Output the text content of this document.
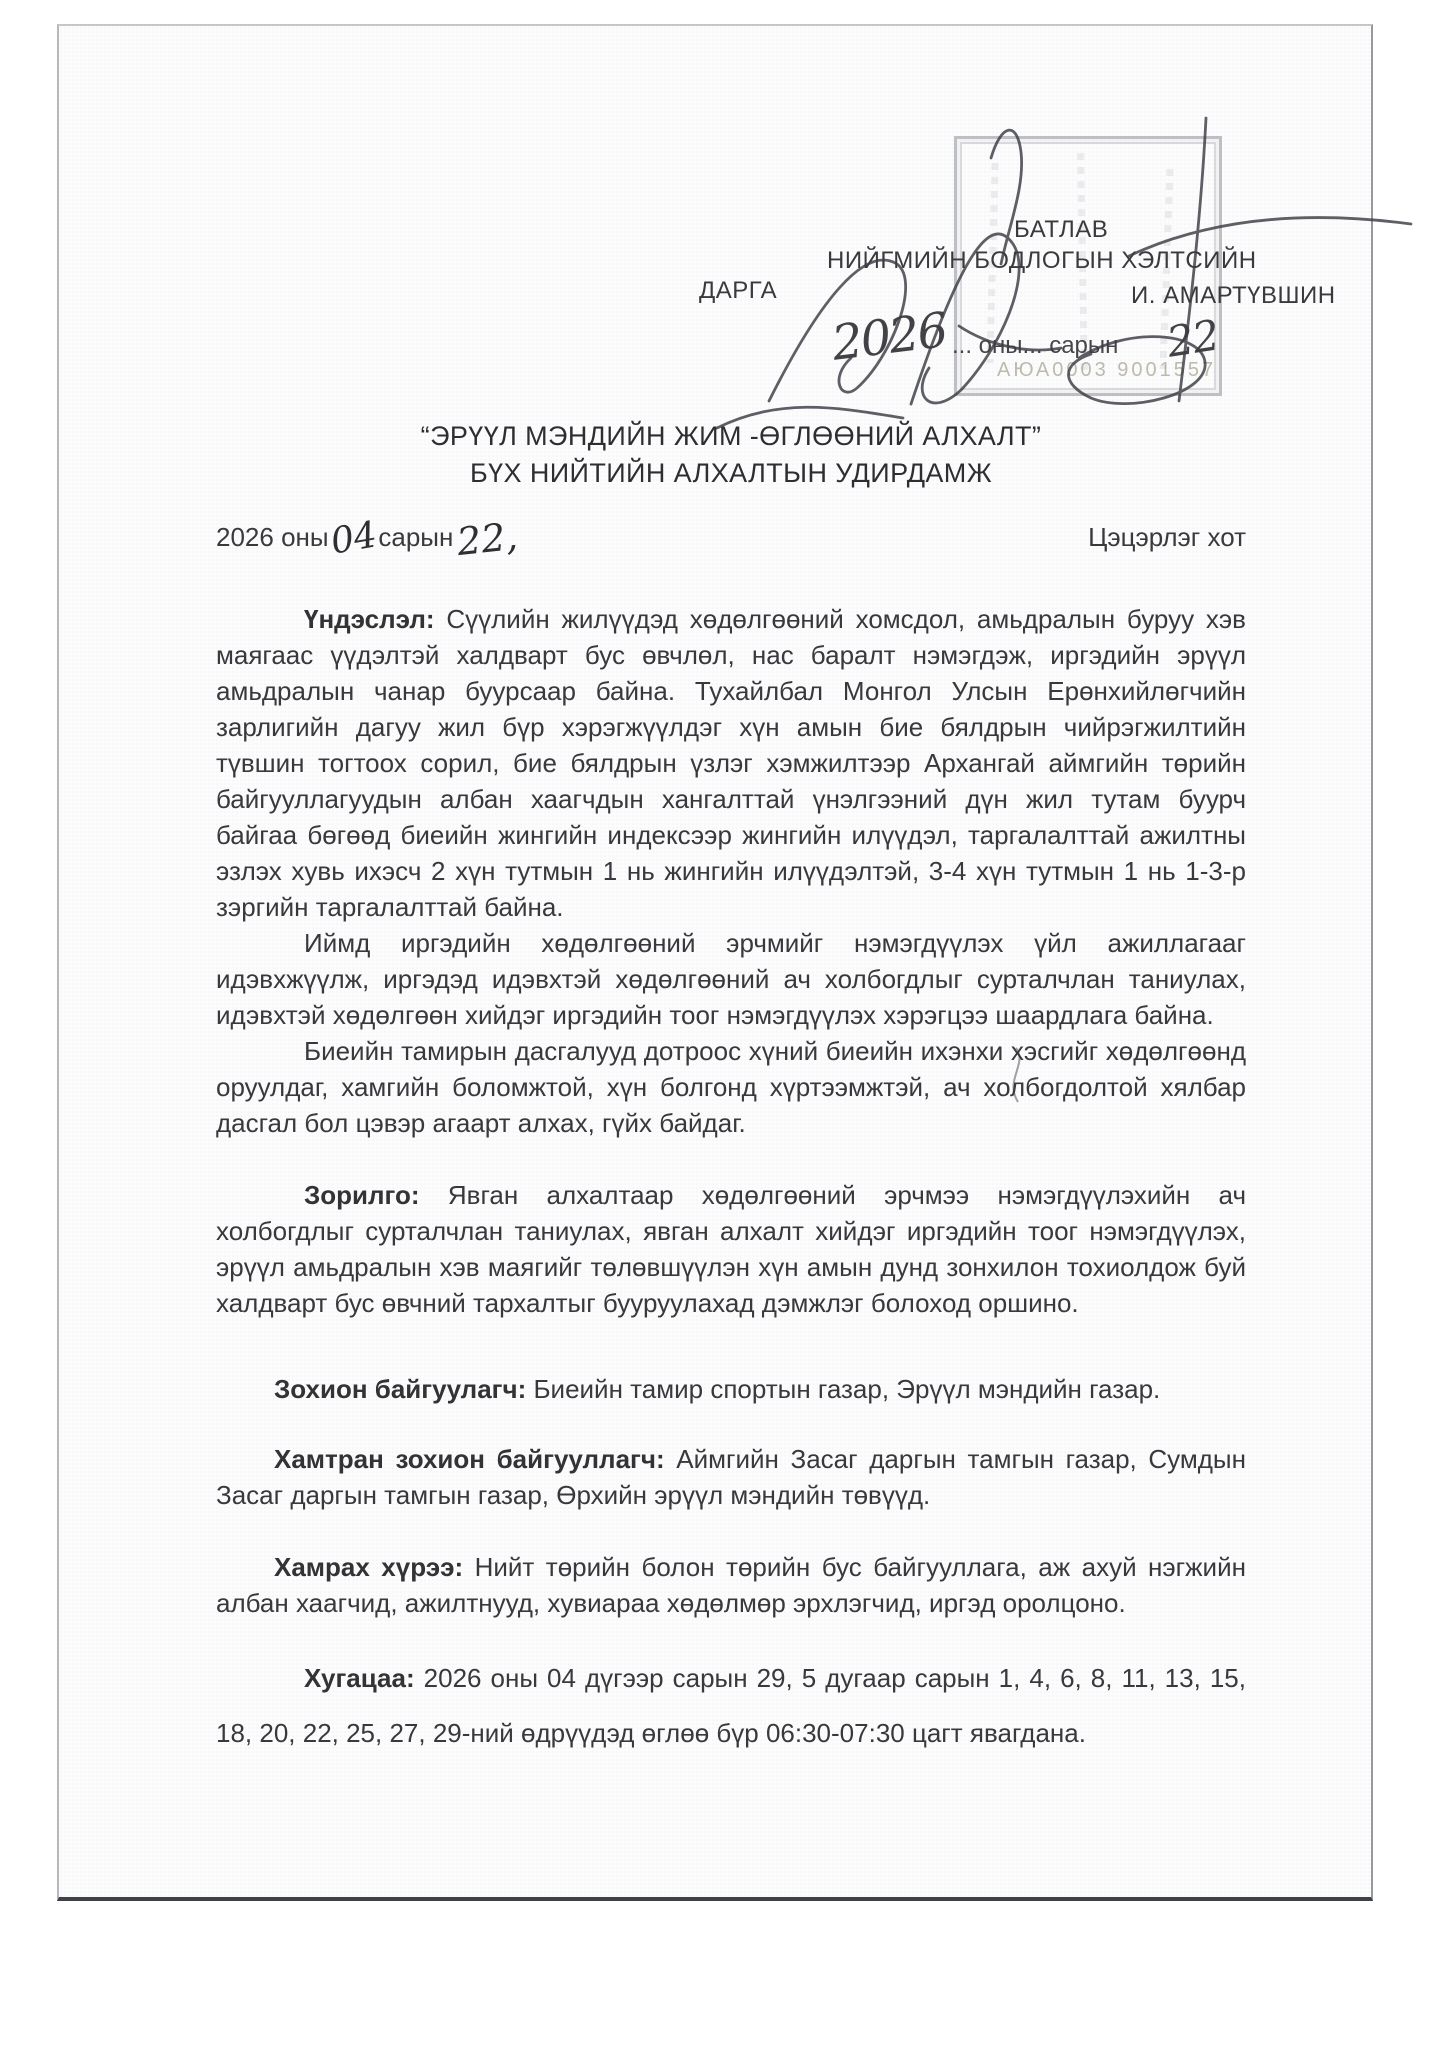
АЮА0003 9001557
БАТЛАВ
НИЙГМИЙН БОДЛОГЫН ХЭЛТСИЙН
ДАРГА	И. АМАРТҮВШИН
2026 ... оны... сарын 22
“ЭРҮҮЛ МЭНДИЙН ЖИМ -ӨГЛӨӨНИЙ АЛХАЛТ”
БҮХ НИЙТИЙН АЛХАЛТЫН УДИРДАМЖ
2026 оны04сарын22,	Цэцэрлэг хот

Үндэслэл: Сүүлийн жилүүдэд хөдөлгөөний хомсдол, амьдралын буруу хэв маягаас үүдэлтэй халдварт бус өвчлөл, нас баралт нэмэгдэж, иргэдийн эрүүл амьдралын чанар буурсаар байна. Тухайлбал Монгол Улсын Ерөнхийлөгчийн зарлигийн дагуу жил бүр хэрэгжүүлдэг хүн амын бие бялдрын чийрэгжилтийн түвшин тогтоох сорил, бие бялдрын үзлэг хэмжилтээр Архангай аймгийн төрийн байгууллагуудын албан хаагчдын хангалттай үнэлгээний дүн жил тутам буурч байгаа бөгөөд биеийн жингийн индексээр жингийн илүүдэл, таргалалттай ажилтны эзлэх хувь ихэсч 2 хүн тутмын 1 нь жингийн илүүдэлтэй, 3-4 хүн тутмын 1 нь 1-3-р зэргийн таргалалттай байна.

Иймд иргэдийн хөдөлгөөний эрчмийг нэмэгдүүлэх үйл ажиллагааг идэвхжүүлж, иргэдэд идэвхтэй хөдөлгөөний ач холбогдлыг сурталчлан таниулах, идэвхтэй хөдөлгөөн хийдэг иргэдийн тоог нэмэгдүүлэх хэрэгцээ шаардлага байна.

Биеийн тамирын дасгалууд дотроос хүний биеийн ихэнхи хэсгийг хөдөлгөөнд оруулдаг, хамгийн боломжтой, хүн болгонд хүртээмжтэй, ач холбогдолтой хялбар дасгал бол цэвэр агаарт алхах, гүйх байдаг.

Зорилго: Явган алхалтаар хөдөлгөөний эрчмээ нэмэгдүүлэхийн ач холбогдлыг сурталчлан таниулах, явган алхалт хийдэг иргэдийн тоог нэмэгдүүлэх, эрүүл амьдралын хэв маягийг төлөвшүүлэн хүн амын дунд зонхилон тохиолдож буй халдварт бус өвчний тархалтыг бууруулахад дэмжлэг болоход оршино.

Зохион байгуулагч: Биеийн тамир спортын газар, Эрүүл мэндийн газар.

Хамтран зохион байгууллагч: Аймгийн Засаг даргын тамгын газар, Сумдын Засаг даргын тамгын газар, Өрхийн эрүүл мэндийн төвүүд.

Хамрах хүрээ: Нийт төрийн болон төрийн бус байгууллага, аж ахуй нэгжийн албан хаагчид, ажилтнууд, хувиараа хөдөлмөр эрхлэгчид, иргэд оролцоно.

Хугацаа: 2026 оны 04 дүгээр сарын 29, 5 дугаар сарын 1, 4, 6, 8, 11, 13, 15, 18, 20, 22, 25, 27, 29-ний өдрүүдэд өглөө бүр 06:30-07:30 цагт явагдана.
